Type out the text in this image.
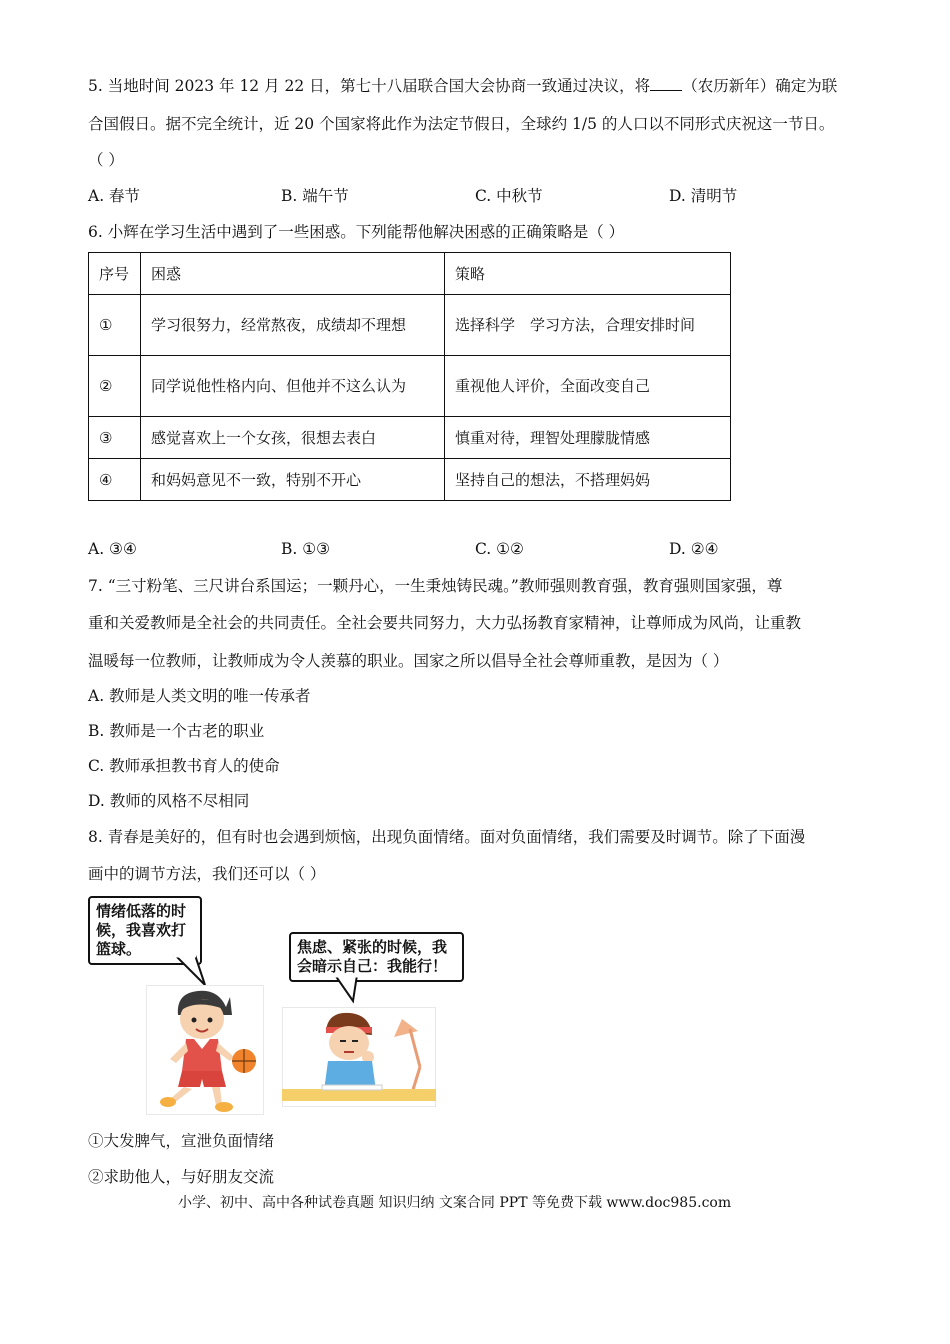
5. 当地时间 2023 年 12 月 22 日，第七十八届联合国大会协商一致通过决议，将 （农历新年）确定为联
合国假日。据不完全统计，近 20 个国家将此作为法定节假日，全球约 1/5 的人口以不同形式庆祝这一节日。
（ ）
A. 春节	B. 端午节	C. 中秋节	D. 清明节
6. 小辉在学习生活中遇到了一些困惑。下列能帮他解决困惑的正确策略是（ ）
序号	困惑	策略
①	学习很努力，经常熬夜，成绩却不理想	选择科学　学习方法，合理安排时间
②	同学说他性格内向、但他并不这么认为	重视他人评价，全面改变自己
③	感觉喜欢上一个女孩，很想去表白	慎重对待，理智处理朦胧情感
④	和妈妈意见不一致，特别不开心	坚持自己的想法，不搭理妈妈
A. ③④	B. ①③	C. ①②	D. ②④
7. “三寸粉笔、三尺讲台系国运；一颗丹心，一生秉烛铸民魂。”教师强则教育强，教育强则国家强，尊
重和关爱教师是全社会的共同责任。全社会要共同努力，大力弘扬教育家精神，让尊师成为风尚，让重教
温暖每一位教师，让教师成为令人羡慕的职业。国家之所以倡导全社会尊师重教，是因为（ ）
A. 教师是人类文明的唯一传承者
B. 教师是一个古老的职业
C. 教师承担教书育人的使命
D. 教师的风格不尽相同
8. 青春是美好的，但有时也会遇到烦恼，出现负面情绪。面对负面情绪，我们需要及时调节。除了下面漫
画中的调节方法，我们还可以（ ）
情绪低落的时
候，我喜欢打
篮球。	焦虑、紧张的时候，我
会暗示自己：我能行！
①大发脾气，宣泄负面情绪
②求助他人，与好朋友交流
小学、初中、高中各种试卷真题 知识归纳 文案合同 PPT 等免费下载 www.doc985.com
